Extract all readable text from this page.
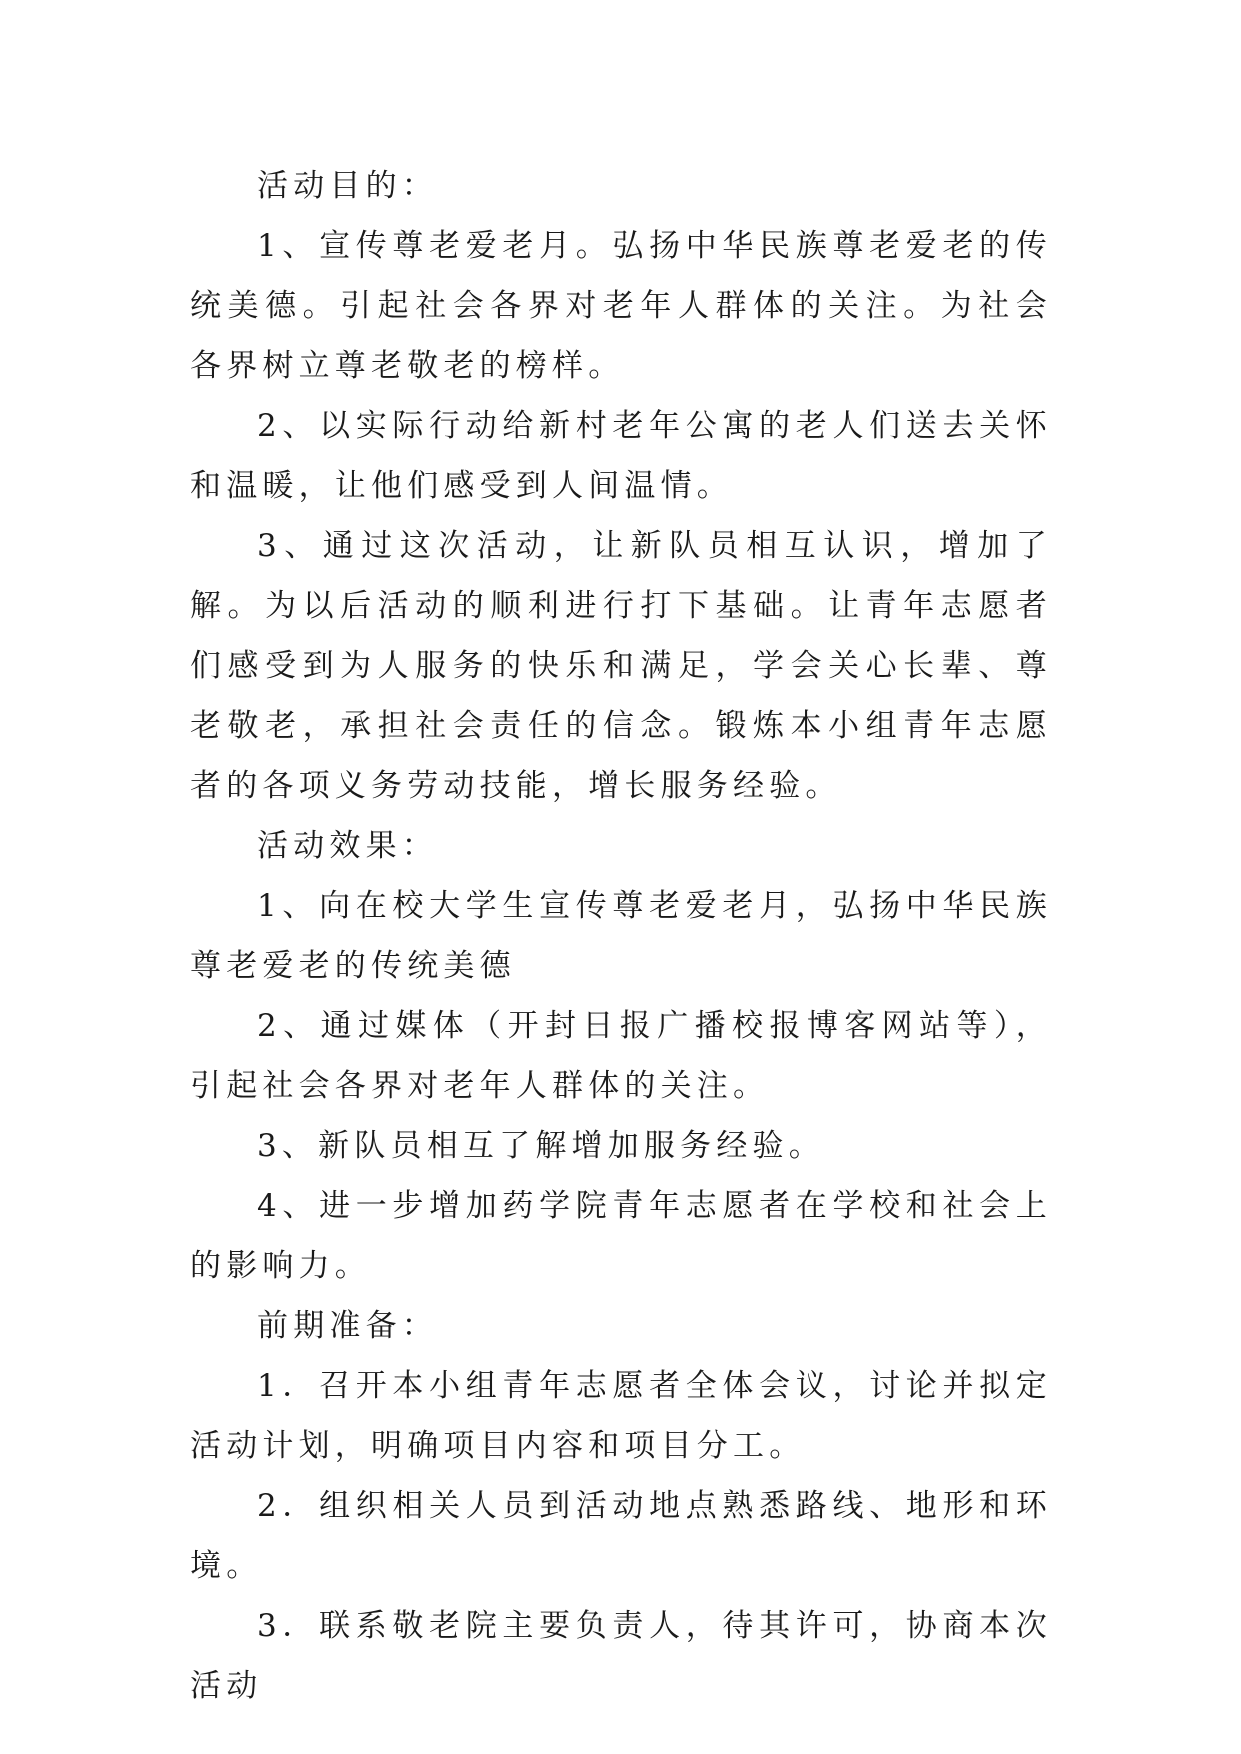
活动目的：

1、宣传尊老爱老月。弘扬中华民族尊老爱老的传统美德。引起社会各界对老年人群体的关注。为社会各界树立尊老敬老的榜样。

2、以实际行动给新村老年公寓的老人们送去关怀和温暖，让他们感受到人间温情。

3、通过这次活动，让新队员相互认识，增加了解。为以后活动的顺利进行打下基础。让青年志愿者们感受到为人服务的快乐和满足，学会关心长辈、尊老敬老，承担社会责任的信念。锻炼本小组青年志愿者的各项义务劳动技能，增长服务经验。

活动效果：

1、向在校大学生宣传尊老爱老月，弘扬中华民族尊老爱老的传统美德

2、通过媒体（开封日报广播校报博客网站等），引起社会各界对老年人群体的关注。

3、新队员相互了解增加服务经验。

4、进一步增加药学院青年志愿者在学校和社会上的影响力。

前期准备：

1．召开本小组青年志愿者全体会议，讨论并拟定活动计划，明确项目内容和项目分工。

2．组织相关人员到活动地点熟悉路线、地形和环境。

3．联系敬老院主要负责人，待其许可，协商本次活动
